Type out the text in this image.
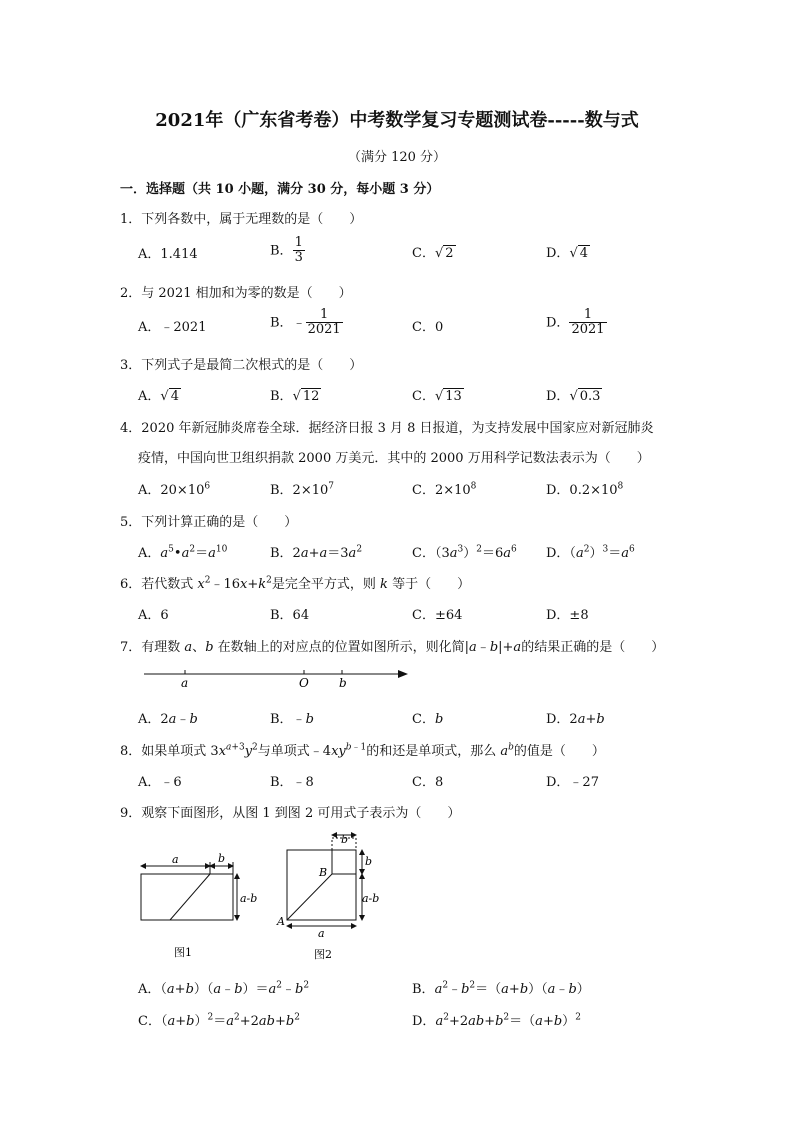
2021年（广东省考卷）中考数学复习专题测试卷-----数与式
（满分 120 分）
一．选择题（共 10 小题，满分 30 分，每小题 3 分）
1．下列各数中，属于无理数的是（　　）
A．1.414	B． $\frac{1}{3}$	C．√ 2	D．√ 4
2．与 2021 相加和为零的数是（　　）
A．﹣2021	B．﹣ $\frac{1}{2021}$	C．0	D． $\frac{1}{2021}$
3．下列式子是最简二次根式的是（　　）
A．√ 4	B．√ 12	C．√ 13	D．√ 0.3
4．2020 年新冠肺炎席卷全球．据经济日报 3 月 8 日报道，为支持发展中国家应对新冠肺炎
疫情，中国向世卫组织捐款 2000 万美元．其中的 2000 万用科学记数法表示为（　　）
A．$20\times 10^6$	B．$2\times 10^7$	C．$2\times 10^8$	D．$0.2\times 10^8$
5．下列计算正确的是（　　）
A．$a^5•a^2=a^{10}$	B．$2a+a=3a^2$	C．$(3a^3)^2=6a^6$ D．$(a^2)^3=a^6$
6．若代数式 $x^2﹣16x+k^2$是完全平方式，则 k 等于（　　）
A．6	B．64	C．±64	D．±8
7．有理数 a、b 在数轴上的对应点的位置如图所示，则化简|a﹣b|+a的结果正确的是（　　）
a	O	b
A．2a﹣b	B．﹣b	C．b	D．2a+b
8．如果单项式 $3x^{a+3}y^2$与单项式$﹣4xy^{b﹣1}$的和还是单项式，那么 $a^b$的值是（　　）
A．﹣6	B．﹣8	C．8	D．﹣27
9．观察下面图形，从图 1 到图 2 可用式子表示为（　　）
a	b
a-b
图1
b
b
a-b
B
A
a
图2
A．$(a+b)(a﹣b)=a^2﹣b^2$	B．$a^2﹣b^2=(a+b)(a﹣b)$
C．$(a+b)^2=a^2+2ab+b^2$	D．$a^2+2ab+b^2=(a+b)^2$
